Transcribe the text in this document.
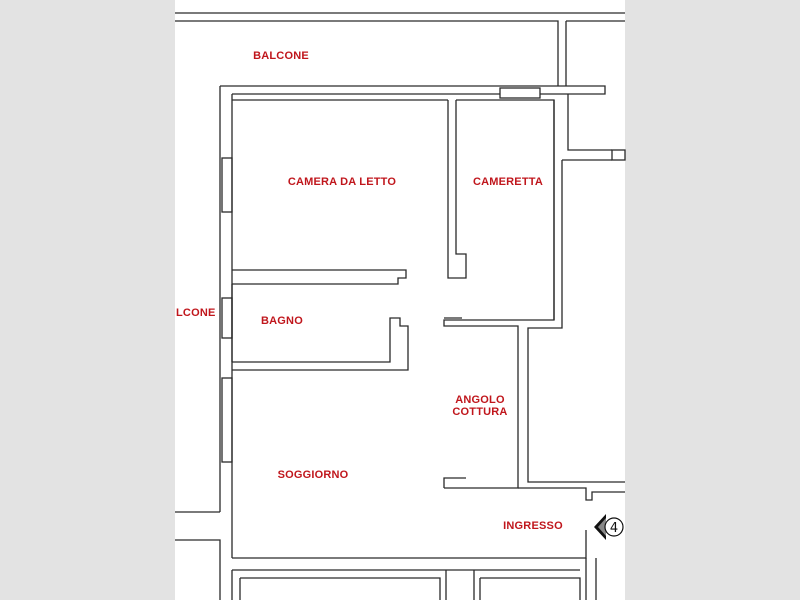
BALCONE
CAMERA DA LETTO	CAMERETTA
LCONE
BAGNO
ANGOLO
COTTURA
SOGGIORNO
INGRESSO	4
